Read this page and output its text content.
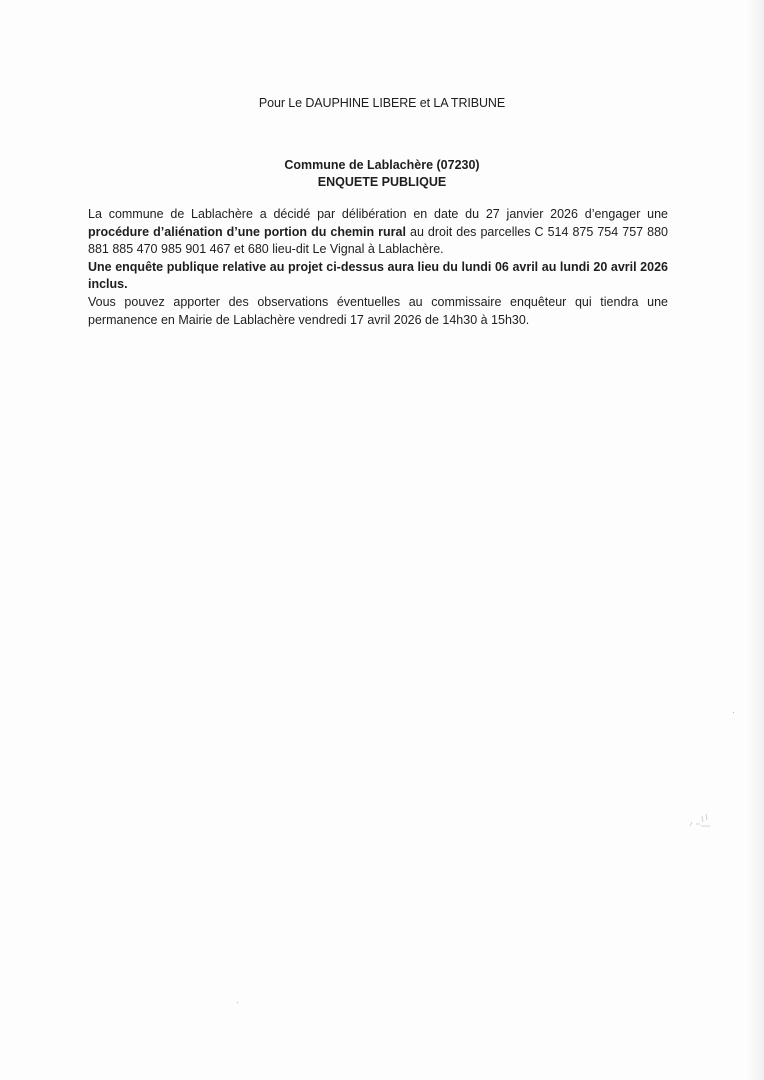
Pour Le DAUPHINE LIBERE et LA TRIBUNE
Commune de Lablachère (07230)
ENQUETE PUBLIQUE

La commune de Lablachère a décidé par délibération en date du 27 janvier 2026 d’engager une procédure d’aliénation d’une portion du chemin rural au droit des parcelles C 514 875 754 757 880 881 885 470 985 901 467 et 680 lieu-dit Le Vignal à Lablachère.

Une enquête publique relative au projet ci-dessus aura lieu du lundi 06 avril au lundi 20 avril 2026 inclus.

Vous pouvez apporter des observations éventuelles au commissaire enquêteur qui tiendra une permanence en Mairie de Lablachère vendredi 17 avril 2026 de 14h30 à 15h30.
